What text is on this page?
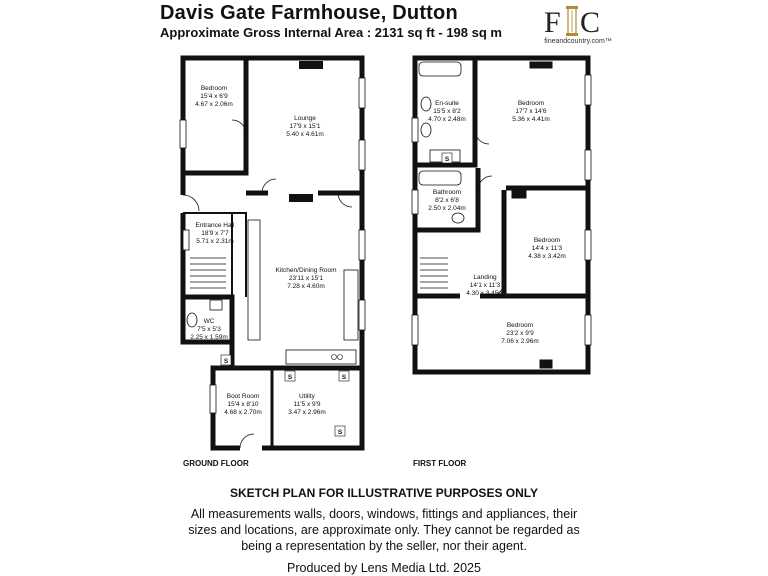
Davis Gate Farmhouse, Dutton
Approximate Gross Internal Area : 2131 sq ft - 198 sq m F C
fineandcountry.com™
Bedroom
15'4 x 6'9
4.67 x 2.06m
Lounge
17'9 x 15'1
5.40 x 4.61m
Entrance Hall
18'9 x 7'7
5.71 x 2.31m
Kitchen/Dining Room
23'11 x 15'1
7.28 x 4.60m
WC
7'5 x 5'3
2.25 x 1.59m
Boot Room
15'4 x 8'10
4.68 x 2.70m
Utility
11'5 x 9'9
3.47 x 2.96m
En-suite
15'5 x 8'2
4.70 x 2.48m
Bedroom
17'7 x 14'6
5.36 x 4.41m
Bathroom
8'2 x 6'8
2.50 x 2.04m
Bedroom
14'4 x 11'3
4.38 x 3.42m
Landing
14'1 x 11'3
4.30 x 3.45m
Bedroom
23'2 x 9'9
7.06 x 2.96m
S
S	S
S
S
GROUND FLOOR	FIRST FLOOR
SKETCH PLAN FOR ILLUSTRATIVE PURPOSES ONLY
All measurements walls, doors, windows, fittings and appliances, their sizes and locations, are approximate only. They cannot be regarded as being a representation by the seller, nor their agent.
Produced by Lens Media Ltd. 2025
